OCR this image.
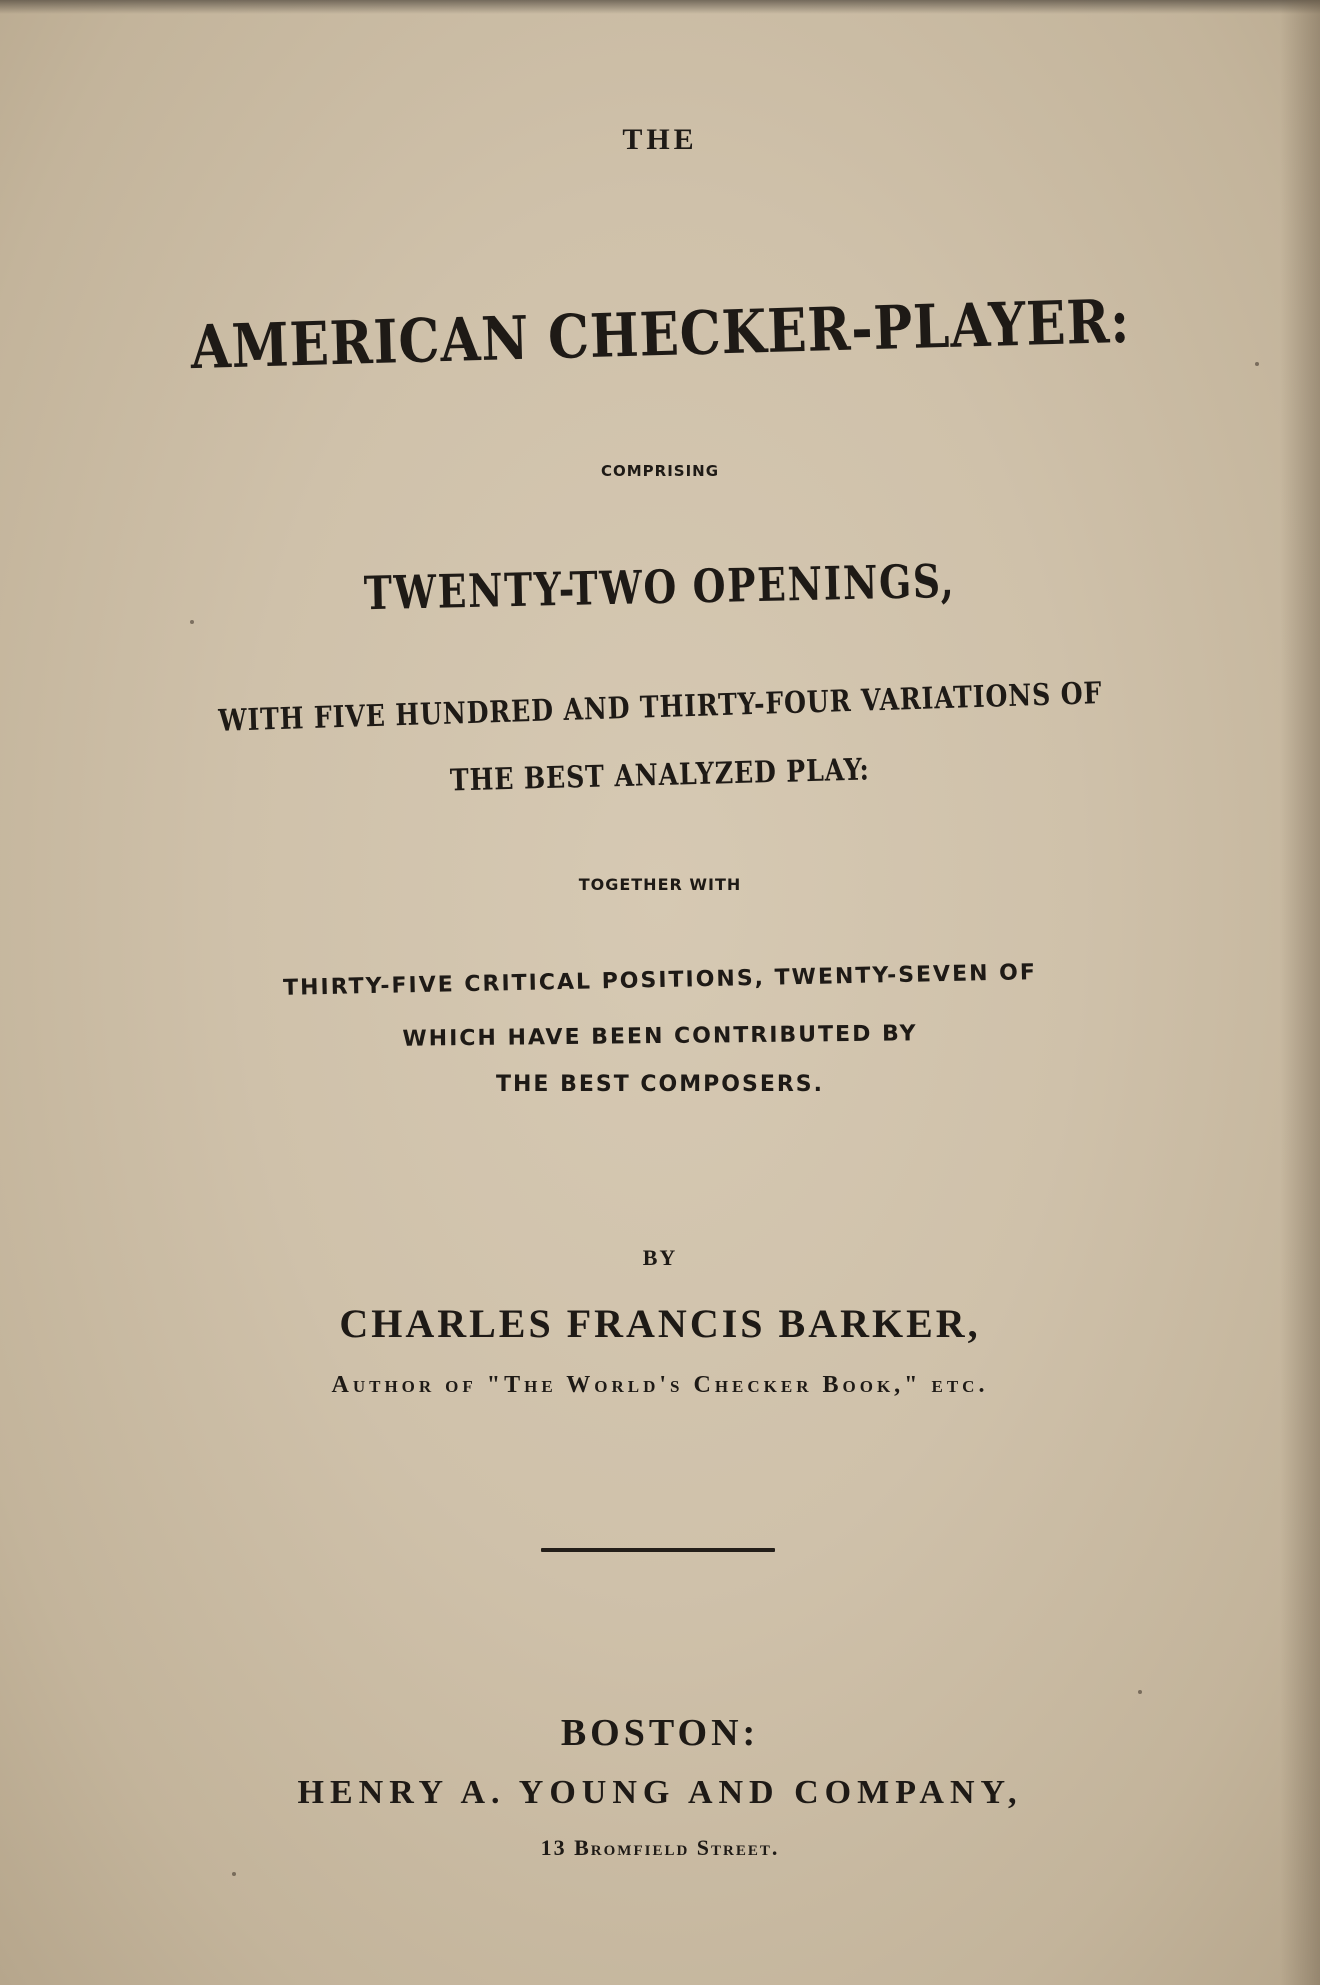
THE

AMERICAN CHECKER-PLAYER:

COMPRISING

TWENTY-TWO OPENINGS,

WITH FIVE HUNDRED AND THIRTY-FOUR VARIATIONS OF

THE BEST ANALYZED PLAY:

TOGETHER WITH

THIRTY-FIVE CRITICAL POSITIONS, TWENTY-SEVEN OF

WHICH HAVE BEEN CONTRIBUTED BY

THE BEST COMPOSERS.

BY

CHARLES FRANCIS BARKER,

Author of "The World's Checker Book," etc.

BOSTON:

HENRY A. YOUNG AND COMPANY,

13 Bromfield Street.
